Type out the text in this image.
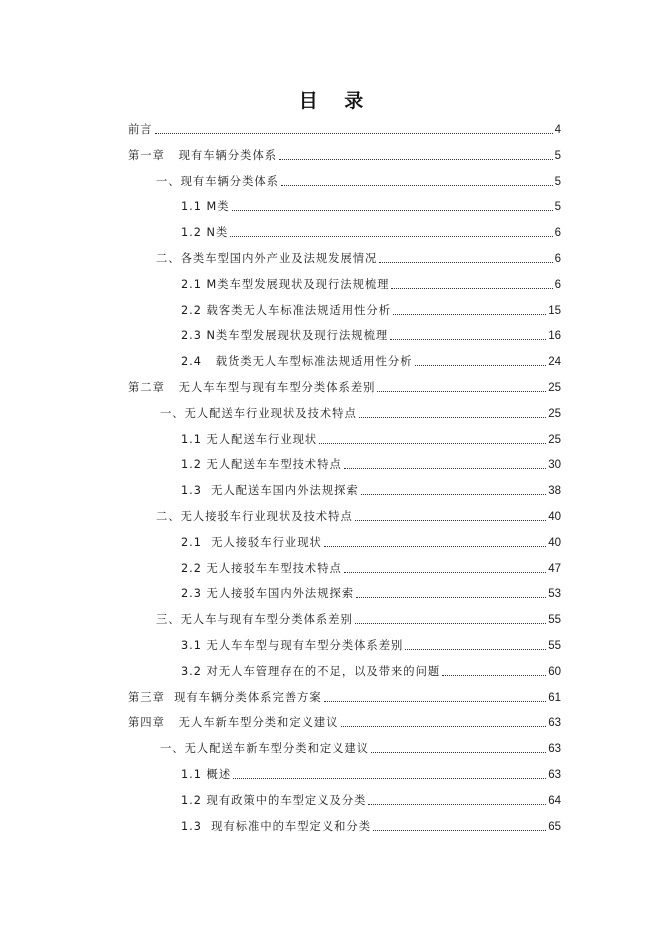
目 录
前言	4
第一章   现有车辆分类体系	5
一、现有车辆分类体系	5
1.1 M类	5
1.2 N类	6
二、各类车型国内外产业及法规发展情况	6
2.1 M类车型发展现状及现行法规梳理	6
2.2 载客类无人车标准法规适用性分析	15
2.3 N类车型发展现状及现行法规梳理	16
2.4   载货类无人车型标准法规适用性分析	24
第二章   无人车车型与现有车型分类体系差别	25
一、无人配送车行业现状及技术特点	25
1.1 无人配送车行业现状	25
1.2 无人配送车车型技术特点	30
1.3  无人配送车国内外法规探索	38
二、无人接驳车行业现状及技术特点	40
2.1  无人接驳车行业现状	40
2.2 无人接驳车车型技术特点	47
2.3 无人接驳车国内外法规探索	53
三、无人车与现有车型分类体系差别	55
3.1 无人车车型与现有车型分类体系差别	55
3.2 对无人车管理存在的不足，以及带来的问题	60
第三章  现有车辆分类体系完善方案	61
第四章   无人车新车型分类和定义建议	63
一、无人配送车新车型分类和定义建议	63
1.1 概述	63
1.2 现有政策中的车型定义及分类	64
1.3  现有标准中的车型定义和分类	65
